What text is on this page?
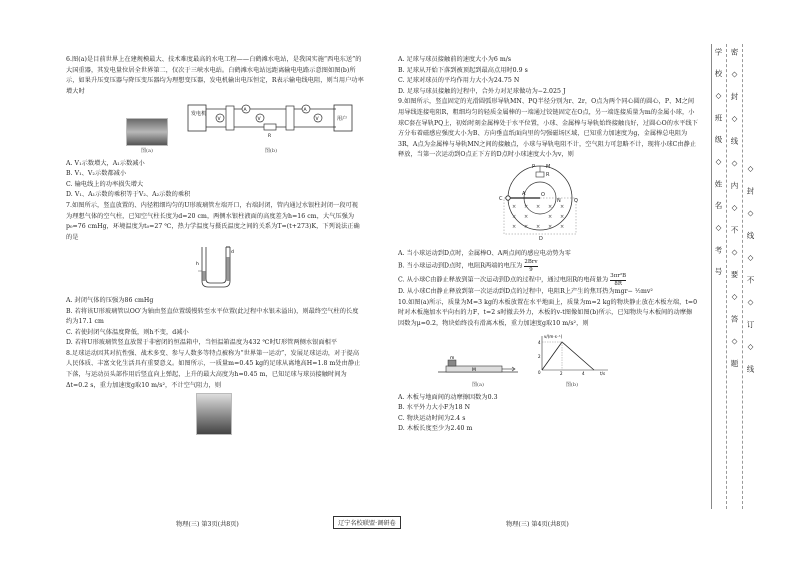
6.图(a)是目前世界上在建规模最大、技术难度最高的水电工程——白鹤滩水电站，是我国实施“西电东送”的大国重器，其发电量位居全世界第二，仅次于三峡水电站。白鹤滩水电站远距离输电电路示意图如图(b)所示，如果升压变压器与降压变压器均为理想变压器，发电机输出电压恒定，R表示输电线电阻，则当用户功率增大时

图(a)
发电机
V
A
V
R
A
V	用户
图(b)

A. V₁示数增大，A₁示数减小

B. V₁、V₂示数都减小

C. 输电线上的功率损失增大

D. V₁、A₁示数的乘积等于V₂、A₂示数的乘积

7.如图所示，竖直放置的、内径粗细均匀的U形玻璃管左端开口，右端封闭，管内通过水银柱封闭一段可视为理想气体的空气柱，已知空气柱长度为d=20 cm，两侧水银柱液面的高度差为h=16 cm，大气压强为p₀=76 cmHg，环境温度为t₀=27 ℃，热力学温度与摄氏温度之间的关系为T=(t+273)K，下列说法正确的是

h
d

A. 封闭气体的压强为86 cmHg

B. 若将该U形玻璃管以OO′为轴由竖直位置缓慢转至水平位置(此过程中水银未溢出)，则最终空气柱的长度约为17.1 cm

C. 若使封闭气体温度降低，则h不变，d减小

D. 若将U形玻璃管竖直放置于非密闭的恒温箱中，当恒温箱温度为432 ℃时U形管两侧水银面相平

8.足球运动因其对抗性强、战术多变、参与人数多等特点被称为“世界第一运动”，发展足球运动，对于提高人民体质、丰富文化生活具有重要意义。如图所示，一质量m=0.45 kg的足球从离地高H=1.8 m处由静止下落，与运动员头部作用后竖直向上弹起，上升的最大高度为h=0.45 m，已知足球与球员接触时间为Δt=0.2 s，重力加速度g取10 m/s²，不计空气阻力，则

A. 足球与球员接触前的速度大小为6 m/s

B. 足球从开始下落到被顶起到最高点用时0.9 s

C. 足球对球员的平均作用力大小为24.75 N

D. 足球与球员接触的过程中，合外力对足球做功为−2.025 J

9.如图所示，竖直固定的光滑圆弧形导轨MN、PQ半径分别为r、2r，O点为两个同心圆的圆心，P、M之间用导线连接电阻R，粗细均匀的轻质金属棒的一端通过铰链固定在O点，另一端连接质量为m的金属小球，小球C套在导轨PQ上，初始时刻金属棒处于水平位置，小球、金属棒与导轨始终接触良好，过圆心O的水平线下方分布着磁感应强度大小为B、方向垂直纸面向里的匀强磁场区域，已知重力加速度为g，金属棒总电阻为3R，A点为金属棒与导轨MN之间的接触点，小球与导轨电阻不计，空气阻力可忽略不计，现将小球C由静止释放，当第一次运动到O点正下方的D点时小球速度大小为v，则

× × × × ×
× ×	× ×
× × × × ×
P M
A	O
C	N	Q
D
R

A. 当小球运动到D点时，金属棒O、A两点间的感应电动势为零

B. 当小球运动到D点时，电阻R两端的电压为
2Brv
9

C. 从小球C由静止释放到第一次运动到D点的过程中，通过电阻R的电荷量为 $\frac{\text{3πr²B}}{8R}$

D. 从小球C由静止释放到第一次运动到D点的过程中，电阻R上产生的焦耳热为mgr− ½mv²

10.如图(a)所示，质量为M=3 kg的木板放置在水平地面上，质量为m=2 kg的物块静止放在木板左端，t=0时对木板施加水平向右的力F，t=2 s时撤去外力，木板的v-t图像如图(b)所示，已知物块与木板间的动摩擦因数为μ=0.2，物块始终没有滑离木板，重力加速度g取10 m/s²，则

m
M
图(a)
v/(m·s⁻¹)
t/s
4
2
0	2	4
图(b)

A. 木板与地面间的动摩擦因数为0.3

B. 水平外力大小F为18 N

C. 物块运动时间为2.4 s

D. 木板长度至少为2.40 m

物理(三) 第3页(共8页)	辽宁名校联盟·调研卷	物理(三) 第4页(共8页)
学校◇班级◇姓名◇考号 密◇封◇线◇内◇不◇要◇答◇题 ◇封◇线◇不◇订◇线
